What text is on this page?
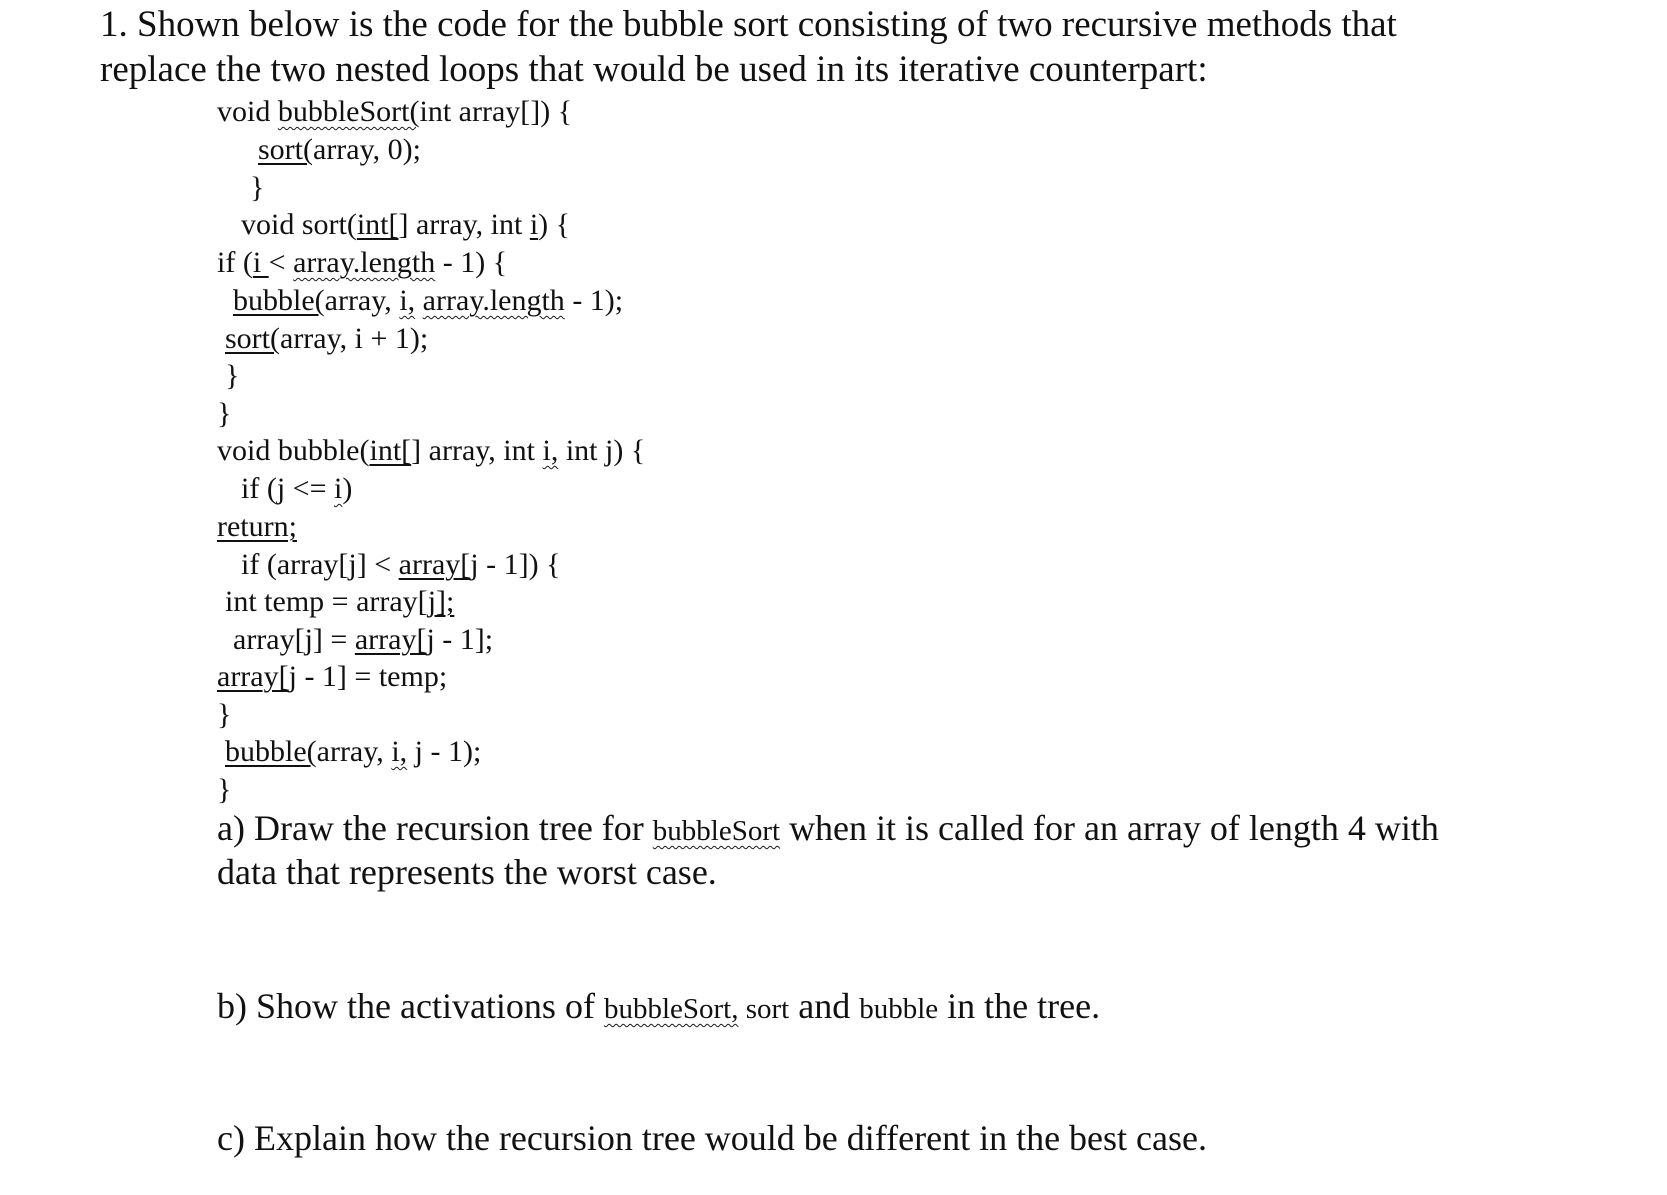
1. Shown below is the code for the bubble sort consisting of two recursive methods that
replace the two nested loops that would be used in its iterative counterpart:
void bubbleSort(int array[]) {
sort(array, 0);
}
void sort(int[] array, int i) {
if (i < array.length - 1) {
bubble(array, i, array.length - 1);
sort(array, i + 1);
}
}
void bubble(int[] array, int i, int j) {
if (j <= i)
return;
if (array[j] < array[j - 1]) {
int temp = array[j];
array[j] = array[j - 1];
array[j - 1] = temp;
}
bubble(array, i, j - 1);
}
a) Draw the recursion tree for bubbleSort when it is called for an array of length 4 with
data that represents the worst case.
b) Show the activations of bubbleSort, sort and bubble in the tree.
c) Explain how the recursion tree would be different in the best case.
